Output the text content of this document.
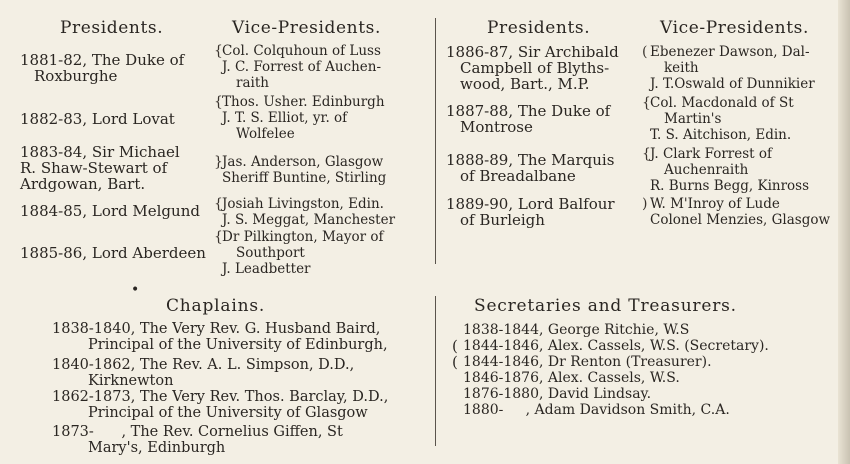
Presidents.	Vice-Presidents.	Presidents.	Vice-Presidents.
1881-82, The Duke of
Roxburghe
{ Col. Colquhoun of Luss
J. C. Forrest of Auchen-
raith
1882-83, Lord Lovat
{ Thos. Usher. Edinburgh
J. T. S. Elliot, yr. of
Wolfelee
1883-84, Sir Michael
R. Shaw-Stewart of
Ardgowan, Bart.
} Jas. Anderson, Glasgow
Sheriff Buntine, Stirling
1884-85, Lord Melgund { Josiah Livingston, Edin.
J. S. Meggat, Manchester
1885-86, Lord Aberdeen
{ Dr Pilkington, Mayor of
Southport
J. Leadbetter
1886-87, Sir Archibald
Campbell of Blyths-
wood, Bart., M.P.
( Ebenezer Dawson, Dal-
keith
J. T.Oswald of Dunnikier
1887-88, The Duke of
Montrose
{ Col. Macdonald of St
Martin's
T. S. Aitchison, Edin.
1888-89, The Marquis
of Breadalbane
{ J. Clark Forrest of
Auchenraith
R. Burns Begg, Kinross
1889-90, Lord Balfour
of Burleigh
) W. M'Inroy of Lude
Colonel Menzies, Glasgow
•
Chaplains.
1838-1840, The Very Rev. G. Husband Baird,
Principal of the University of Edinburgh,
1840-1862, The Rev. A. L. Simpson, D.D.,
Kirknewton
1862-1873, The Very Rev. Thos. Barclay, D.D.,
Principal of the University of Glasgow
1873-      , The Rev. Cornelius Giffen, St
Mary's, Edinburgh
Secretaries and Treasurers.
1838-1844, George Ritchie, W.S
1844-1846, Alex. Cassels, W.S. (Secretary).
1844-1846, Dr Renton (Treasurer).
1846-1876, Alex. Cassels, W.S.
1876-1880, David Lindsay.
1880-     , Adam Davidson Smith, C.A.
(
(
